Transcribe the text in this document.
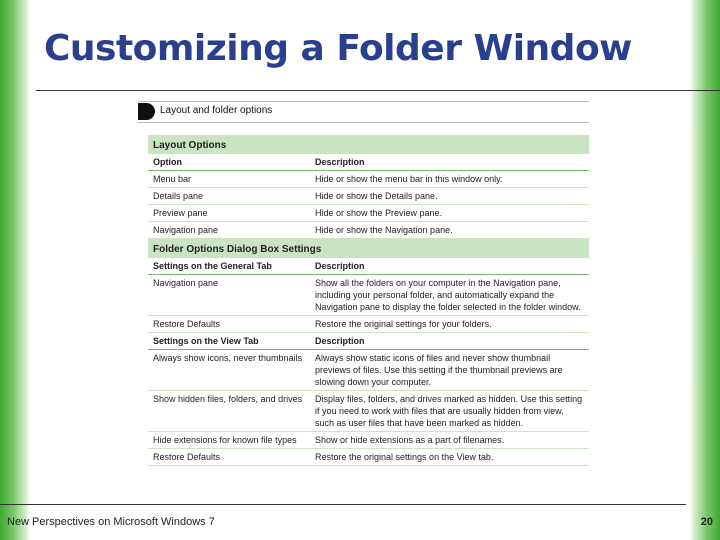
Customizing a Folder Window
Layout and folder options
Layout Options	
Option	Description
Menu bar	Hide or show the menu bar in this window only.
Details pane	Hide or show the Details pane.
Preview pane	Hide or show the Preview pane.
Navigation pane	Hide or show the Navigation pane.
Folder Options Dialog Box Settings	
Settings on the General Tab	Description
Navigation pane	Show all the folders on your computer in the Navigation pane, including your personal folder, and automatically expand the Navigation pane to display the folder selected in the folder window.
Restore Defaults	Restore the original settings for your folders.
Settings on the View Tab	Description
Always show icons, never thumbnails	Always show static icons of files and never show thumbnail previews of files. Use this setting if the thumbnail previews are slowing down your computer.
Show hidden files, folders, and drives	Display files, folders, and drives marked as hidden. Use this setting if you need to work with files that are usually hidden from view, such as user files that have been marked as hidden.
Hide extensions for known file types	Show or hide extensions as a part of filenames.
Restore Defaults	Restore the original settings on the View tab.
New Perspectives on Microsoft Windows 7	20
